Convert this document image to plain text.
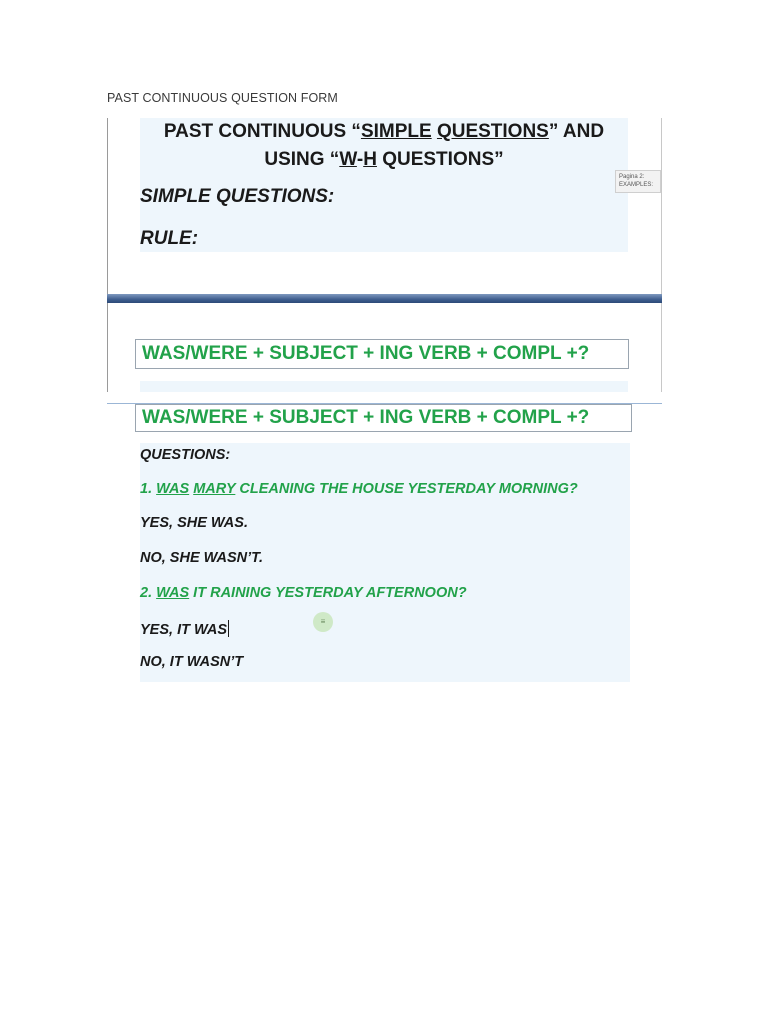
PAST CONTINUOUS QUESTION FORM
PAST CONTINUOUS “SIMPLE QUESTIONS” AND
USING “W-H QUESTIONS”
SIMPLE QUESTIONS:
RULE:
WAS/WERE + SUBJECT + ING VERB + COMPL +?
Pagina 2:
EXAMPLES:
WAS/WERE + SUBJECT + ING VERB + COMPL +?
QUESTIONS:
1. WAS MARY CLEANING THE HOUSE YESTERDAY MORNING?
YES, SHE WAS.
NO, SHE WASN’T.
2. WAS IT RAINING YESTERDAY AFTERNOON?
YES, IT WAS
NO, IT WASN’T
≡
